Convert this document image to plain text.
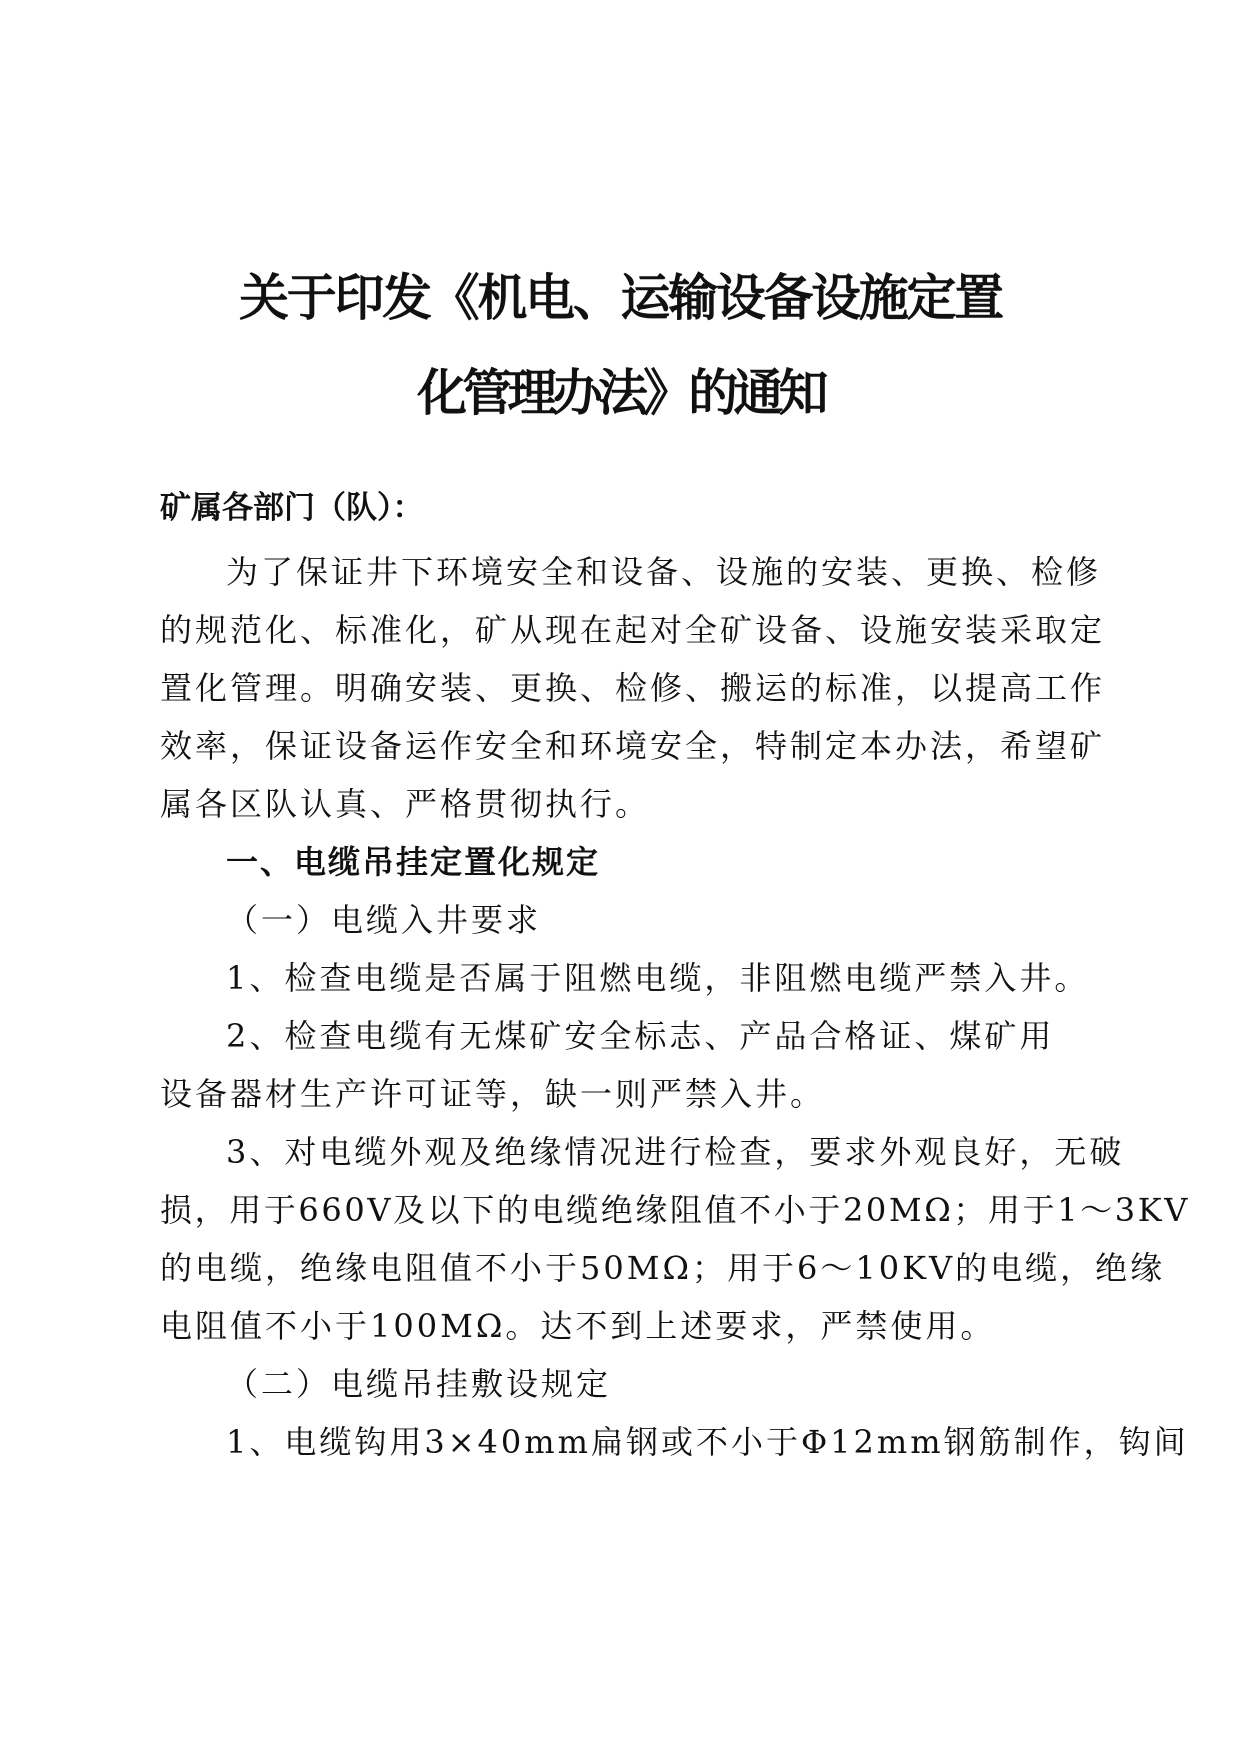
关于印发《机电、运输设备设施定置
化管理办法》的通知
矿属各部门（队）：
为了保证井下环境安全和设备、设施的安装、更换、检修
的规范化、标准化，矿从现在起对全矿设备、设施安装采取定
置化管理。明确安装、更换、检修、搬运的标准，以提高工作
效率，保证设备运作安全和环境安全，特制定本办法，希望矿
属各区队认真、严格贯彻执行。
一、电缆吊挂定置化规定
（一）电缆入井要求
1、检查电缆是否属于阻燃电缆，非阻燃电缆严禁入井。
2、检查电缆有无煤矿安全标志、产品合格证、煤矿用
设备器材生产许可证等，缺一则严禁入井。
3、对电缆外观及绝缘情况进行检查，要求外观良好，无破
损，用于660V及以下的电缆绝缘阻值不小于20MΩ；用于1～3KV
的电缆，绝缘电阻值不小于50MΩ；用于6～10KV的电缆，绝缘
电阻值不小于100MΩ。达不到上述要求，严禁使用。
（二）电缆吊挂敷设规定
1、电缆钩用3×40mm扁钢或不小于Φ12mm钢筋制作，钩间
